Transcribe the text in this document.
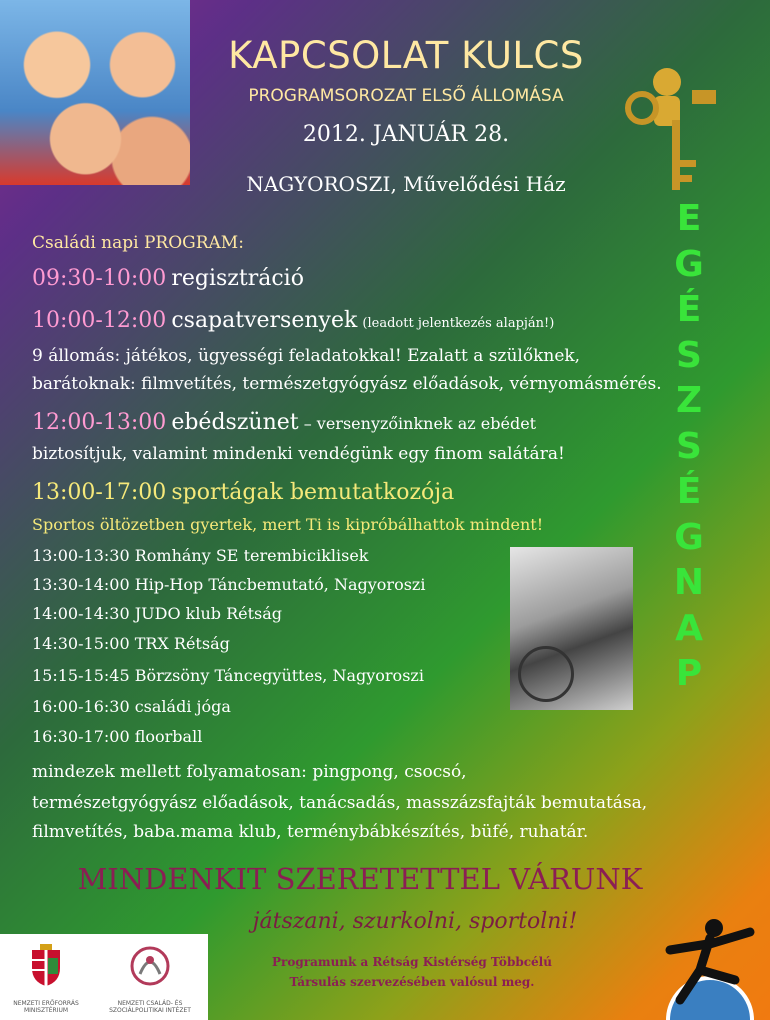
KAPCSOLAT KULCS
PROGRAMSOROZAT ELSŐ ÁLLOMÁSA
2012. JANUÁR 28.
NAGYOROSZI, Művelődési Ház
E
G
É
S
Z
S
É
G
N
A
P
Családi napi PROGRAM:
09:30-10:00 regisztráció
10:00-12:00 csapatversenyek (leadott jelentkezés alapján!)
9 állomás: játékos, ügyességi feladatokkal! Ezalatt a szülőknek,
barátoknak: filmvetítés, természetgyógyász előadások, vérnyomásmérés.
12:00-13:00 ebédszünet – versenyzőinknek az ebédet
biztosítjuk, valamint mindenki vendégünk egy finom salátára!
13:00-17:00 sportágak bemutatkozója
Sportos öltözetben gyertek, mert Ti is kipróbálhattok mindent!
13:00-13:30 Romhány SE terembiciklisek
13:30-14:00 Hip-Hop Táncbemutató, Nagyoroszi
14:00-14:30 JUDO klub Rétság
14:30-15:00 TRX Rétság
15:15-15:45 Börzsöny Táncegyüttes, Nagyoroszi
16:00-16:30 családi jóga
16:30-17:00 floorball
mindezek mellett folyamatosan: pingpong, csocsó,
természetgyógyász előadások, tanácsadás, masszázsfajták bemutatása,
filmvetítés, baba.mama klub, terménybábkészítés, büfé, ruhatár.
MINDENKIT SZERETETTEL VÁRUNK
játszani, szurkolni, sportolni!
Programunk a Rétság Kistérség Többcélú
Társulás szervezésében valósul meg.
NEMZETI ERŐFORRÁS MINISZTÉRIUM
NEMZETI CSALÁD- ÉS SZOCIÁLPOLITIKAI INTÉZET
